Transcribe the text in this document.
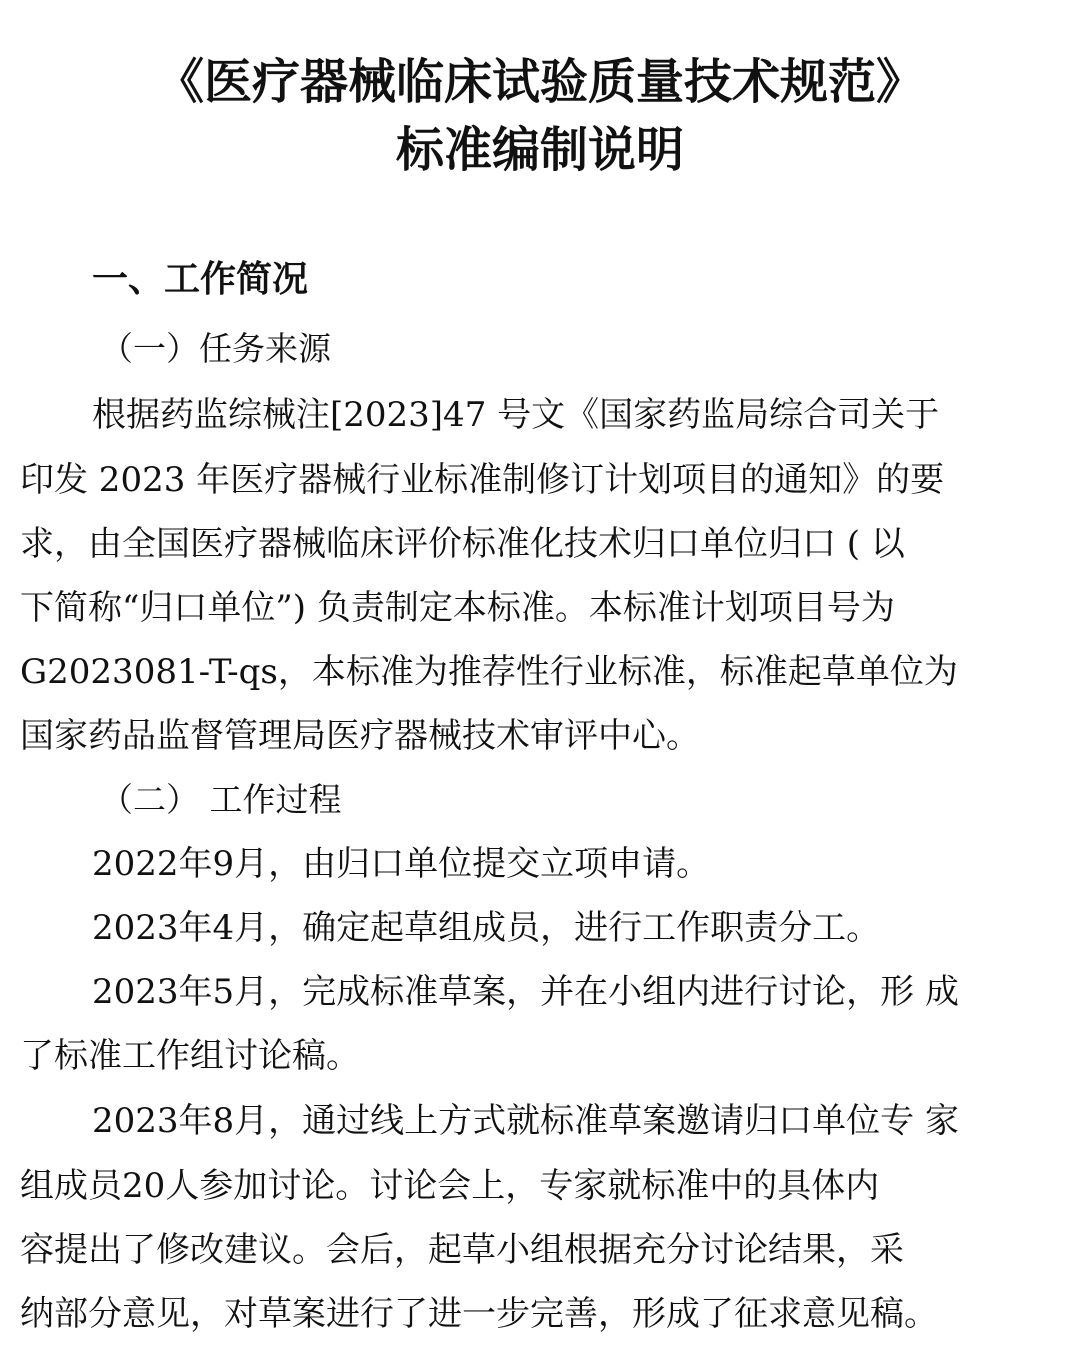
《医疗器械临床试验质量技术规范》
标准编制说明
一、工作简况
（一）任务来源
根据药监综械注[2023]47 号文《国家药监局综合司关于
印发 2023 年医疗器械行业标准制修订计划项目的通知》的要
求，由全国医疗器械临床评价标准化技术归口单位归口 ( 以
下简称“归口单位”) 负责制定本标准。本标准计划项目号为
G2023081-T-qs，本标准为推荐性行业标准，标准起草单位为
国家药品监督管理局医疗器械技术审评中心。
（二） 工作过程
2022年9月，由归口单位提交立项申请。
2023年4月，确定起草组成员，进行工作职责分工。
2023年5月，完成标准草案，并在小组内进行讨论，形 成
了标准工作组讨论稿。
2023年8月，通过线上方式就标准草案邀请归口单位专 家
组成员20人参加讨论。讨论会上，专家就标准中的具体内
容提出了修改建议。会后，起草小组根据充分讨论结果，采
纳部分意见，对草案进行了进一步完善，形成了征求意见稿。
